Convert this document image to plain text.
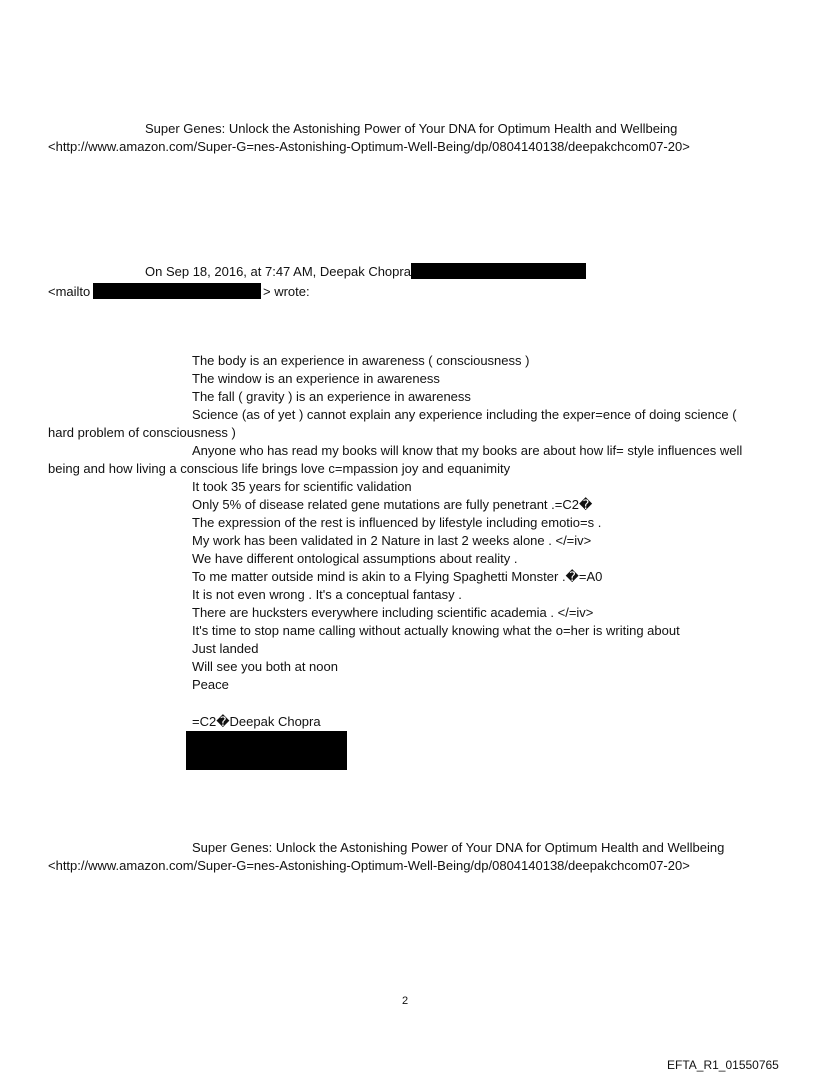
Super Genes: Unlock the Astonishing Power of Your DNA for Optimum Health and Wellbeing
<http://www.amazon.com/Super-G=nes-Astonishing-Optimum-Well-Being/dp/0804140138/deepakchcom07-20>
On Sep 18, 2016, at 7:47 AM, Deepak Chopra
<mailto	> wrote:
The body is an experience in awareness ( consciousness )
The window is an experience in awareness
The fall ( gravity ) is an experience in awareness
Science (as of yet ) cannot explain any experience including the exper=ence of doing science (
hard problem of consciousness )
Anyone who has read my books will know that my books are about how lif= style influences well
being and how living a conscious life brings love c=mpassion joy and equanimity
It took 35 years for scientific validation
Only 5% of disease related gene mutations are fully penetrant .=C2�
The expression of the rest is influenced by lifestyle including emotio=s .
My work has been validated in 2 Nature in last 2 weeks alone . </=iv>
We have different ontological assumptions about reality .
To me matter outside mind is akin to a Flying Spaghetti Monster .�=A0
It is not even wrong . It's a conceptual fantasy .
There are hucksters everywhere including scientific academia . </=iv>
It's time to stop name calling without actually knowing what the o=her is writing about
Just landed
Will see you both at noon
Peace
=C2�Deepak Chopra
Super Genes: Unlock the Astonishing Power of Your DNA for Optimum Health and Wellbeing
<http://www.amazon.com/Super-G=nes-Astonishing-Optimum-Well-Being/dp/0804140138/deepakchcom07-20>
2
EFTA_R1_01550765
